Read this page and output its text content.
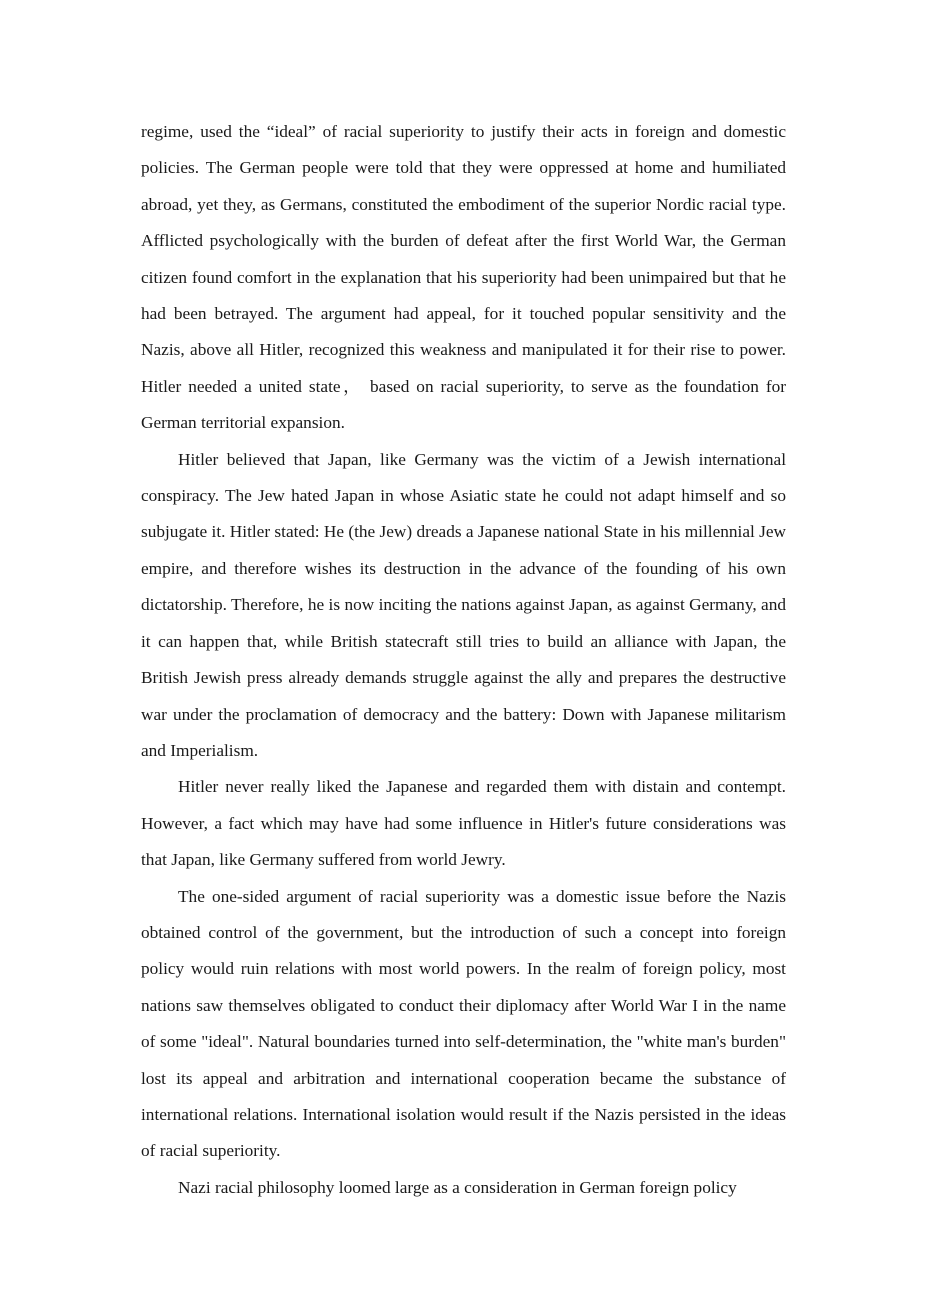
regime, used the “ideal” of racial superiority to justify their acts in foreign and domestic policies. The German people were told that they were oppressed at home and humiliated abroad, yet they, as Germans, constituted the embodiment of the superior Nordic racial type. Afflicted psychologically with the burden of defeat after the first World War, the German citizen found comfort in the explanation that his superiority had been unimpaired but that he had been betrayed. The argument had appeal, for it touched popular sensitivity and the Nazis, above all Hitler, recognized this weakness and manipulated it for their rise to power. Hitler needed a united state， based on racial superiority, to serve as the foundation for German territorial expansion.

Hitler believed that Japan, like Germany was the victim of a Jewish international conspiracy. The Jew hated Japan in whose Asiatic state he could not adapt himself and so subjugate it. Hitler stated: He (the Jew) dreads a Japanese national State in his millennial Jew empire, and therefore wishes its destruction in the advance of the founding of his own dictatorship. Therefore, he is now inciting the nations against Japan, as against Germany, and it can happen that, while British statecraft still tries to build an alliance with Japan, the British Jewish press already demands struggle against the ally and prepares the destructive war under the proclamation of democracy and the battery: Down with Japanese militarism and Imperialism.

Hitler never really liked the Japanese and regarded them with distain and contempt. However, a fact which may have had some influence in Hitler's future considerations was that Japan, like Germany suffered from world Jewry.

The one-sided argument of racial superiority was a domestic issue before the Nazis obtained control of the government, but the introduction of such a concept into foreign policy would ruin relations with most world powers. In the realm of foreign policy, most nations saw themselves obligated to conduct their diplomacy after World War I in the name of some "ideal". Natural boundaries turned into self-determination, the "white man's burden" lost its appeal and arbitration and international cooperation became the substance of international relations. International isolation would result if the Nazis persisted in the ideas of racial superiority.

Nazi racial philosophy loomed large as a consideration in German foreign policy
